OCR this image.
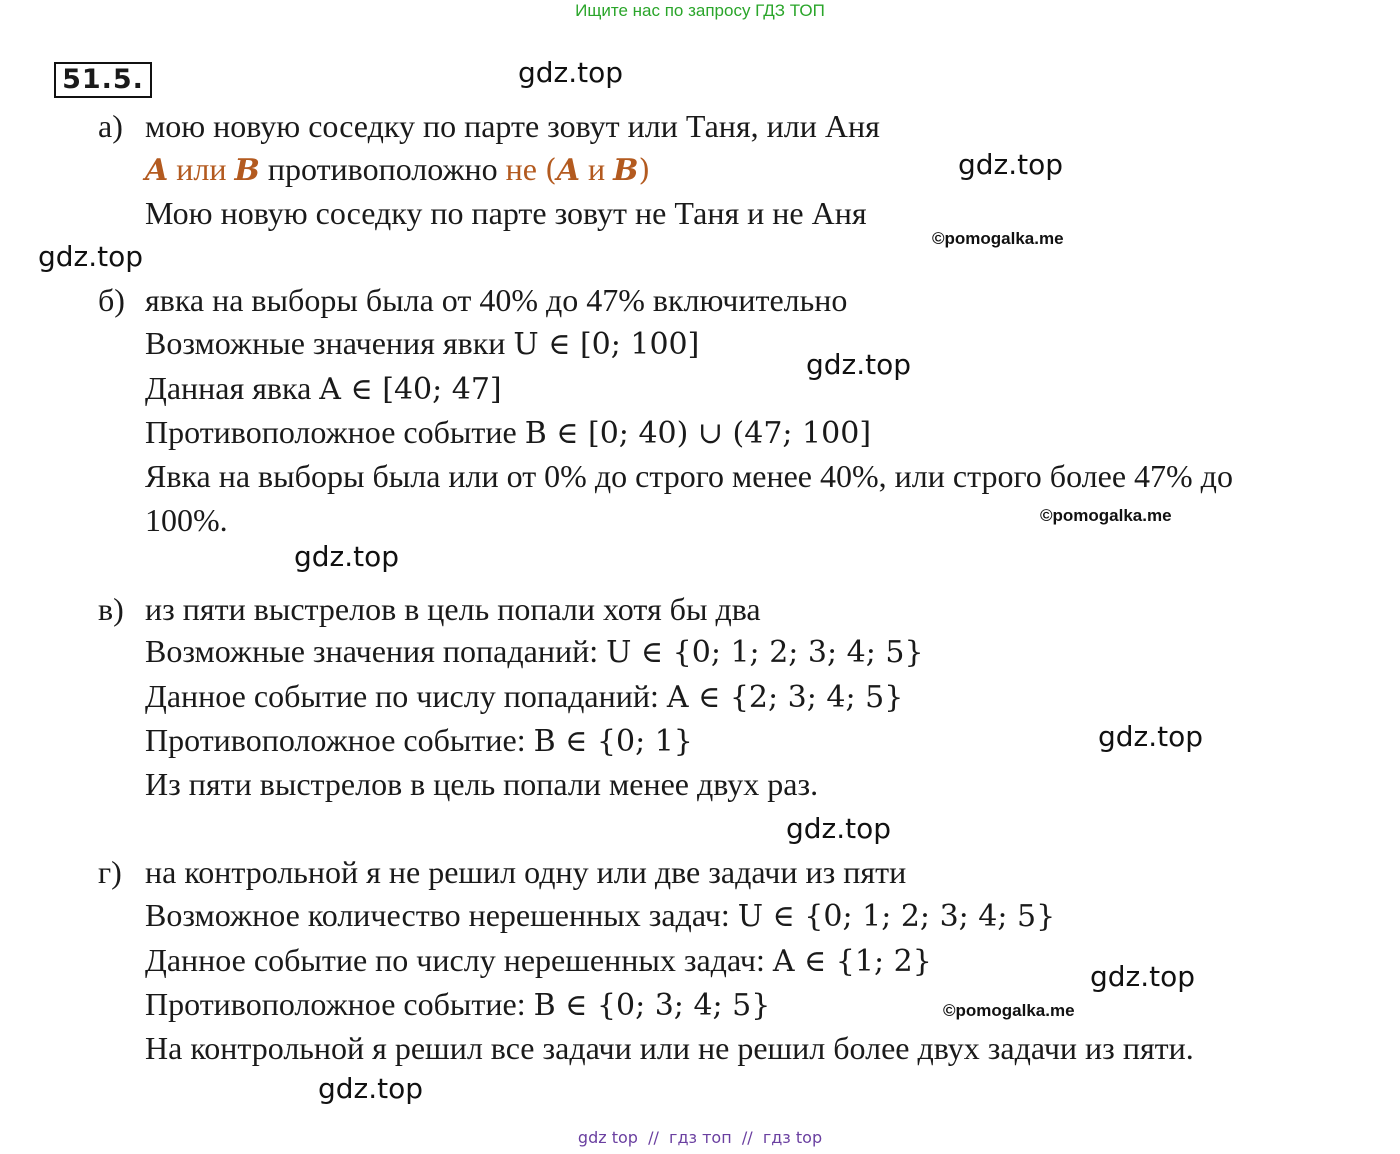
Ищите нас по запросу ГДЗ ТОП
51.5.
а) мою новую соседку по парте зовут или Таня, или Аня
A или B противоположно не (A и B)
Мою новую соседку по парте зовут не Таня и не Аня
б) явка на выборы была от 40% до 47% включительно
Возможные значения явки U ∈ [0; 100]
Данная явка A ∈ [40; 47]
Противоположное событие B ∈ [0; 40) ∪ (47; 100]
Явка на выборы была или от 0% до строго менее 40%, или строго более 47% до
100%.
в) из пяти выстрелов в цель попали хотя бы два
Возможные значения попаданий: U ∈ {0; 1; 2; 3; 4; 5}
Данное событие по числу попаданий: A ∈ {2; 3; 4; 5}
Противоположное событие: B ∈ {0; 1}
Из пяти выстрелов в цель попали менее двух раз.
г) на контрольной я не решил одну или две задачи из пяти
Возможное количество нерешенных задач: U ∈ {0; 1; 2; 3; 4; 5}
Данное событие по числу нерешенных задач: A ∈ {1; 2}
Противоположное событие: B ∈ {0; 3; 4; 5}
На контрольной я решил все задачи или не решил более двух задачи из пяти.
gdz.top
gdz.top
gdz.top
gdz.top
gdz.top
gdz.top
gdz.top
gdz.top
gdz.top
©pomogalka.me
©pomogalka.me
©pomogalka.me
gdz top // гдз топ // гдз top
